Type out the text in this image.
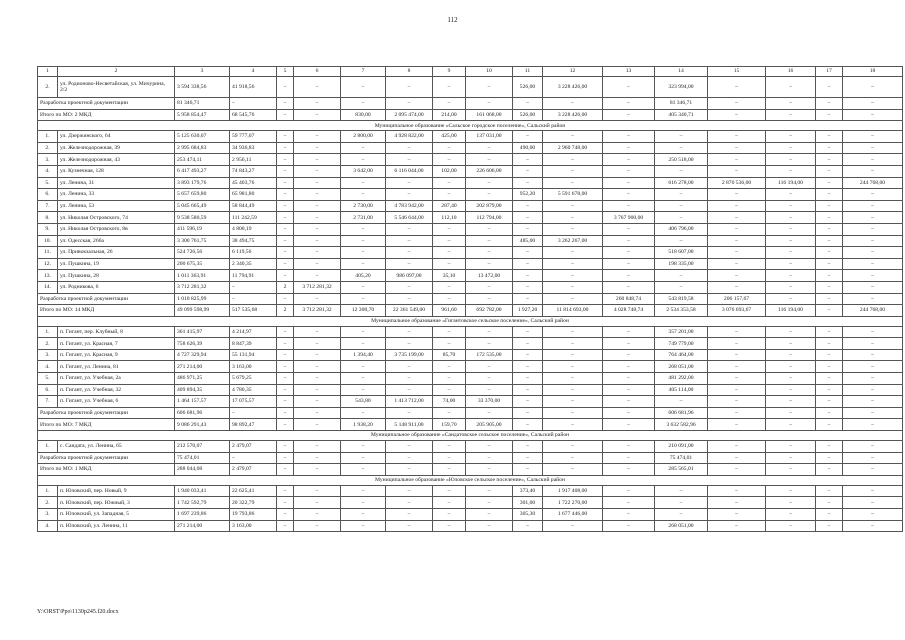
112
1	2	3	4	5	6	7	8	9	10	11	12	13	14	15	16	17	18
2.	ул. Родионово-Несветайская, ул. Мичурина, 2/2	3 594 338,56	41 918,56	–	–	–	–	–	–	526,00	3 228 426,00	–	323 994,00	–	–	–	–
Разработка проектной документации		81 346,71	–	–	–	–	–	–	–	–	–	–	81 346,71	–	–	–	–
Итого по МО: 2 МКД		5 958 854,47	68 545,76	–	–	830,00	2 095 474,00	214,00	161 068,00	526,00	3 228 426,00	–	405 340,71	–	–	–	–
Муниципальное образование «Сальское городское поселение», Сальский район																	
1.	ул. Дзержинского, 64	5 125 630,07	59 777,07	–	–	2 800,00	4 928 822,00	425,00	137 031,00	–	–	–	–	–	–	–	–
2.	ул. Железнодорожная, 39	2 995 684,83	34 936,83	–	–	–	–	–	–	490,00	2 960 748,00	–	–	–	–	–	–
3.	ул. Железнодорожная, 43	253 474,11	2 956,11	–	–	–	–	–	–	–	–	–	250 518,00	–	–	–	–
4.	ул. Кузнечная, 128	6 417 493,27	74 843,27	–	–	3 642,00	6 116 044,00	102,00	226 606,00	–	–	–	–	–	–	–	–
5.	ул. Ленина, 31	3 893 179,76	45 403,76	–	–	–	–	–	–	–	–	–	616 278,00	2 870 536,00	116 194,00	–	244 768,00
6.	ул. Ленина, 33	5 657 659,80	65 981,80	–	–	–	–	–	–	952,20	5 591 678,00	–	–	–	–	–	–
7.	ул. Ленина, 53	5 045 665,49	58 844,49	–	–	2 730,00	4 783 942,00	287,40	202 879,00	–	–	–	–	–	–	–	–
8.	ул. Николая Островского, 74	9 538 580,59	111 242,59	–	–	2 731,00	5 546 644,00	112,10	112 794,00	–	–	3 767 900,00	–	–	–	–	–
9.	ул. Николая Островского, 8в	411 596,19	4 800,19	–	–	–	–	–	–	–	–	–	406 796,00	–	–	–	–
10.	ул. Одесская, 266а	3 300 761,75	38 494,75	–	–	–	–	–	–	485,00	3 262 267,00	–	–	–	–	–	–
11.	ул. Привокзальная, 26	524 726,56	6 119,56	–	–	–	–	–	–	–	–	–	518 607,00	–	–	–	–
12.	ул. Пушкина, 19	200 675,35	2 340,35	–	–	–	–	–	–	–	–	–	198 335,00	–	–	–	–
13.	ул. Пушкина, 28	1 011 363,91	11 794,91	–	–	405,20	986 097,00	35,10	13 472,00	–	–	–	–	–	–	–	–
14.	ул. Родникова, 6	3 712 281,32	–	2	3 712 281,32	–	–	–	–	–	–	–	–	–	–	–	–
Разработка проектной документации		1 010 825,99	–	–	–	–	–	–	–	–	–	260 848,74	543 819,58	206 157,67	–	–	–
Итого по МО: 14 МКД		49 099 598,99	517 535,68	2	3 712 281,32	12 308,70	22 361 549,00	961,60	692 782,00	1 927,20	11 814 693,00	4 028 748,74	2 534 353,58	3 076 693,67	116 194,00	–	244 768,00
Муниципальное образование «Гигантовское сельское поселение», Сальский район																	
1.	п. Гигант, пер. Клубный, 8	361 415,97	4 214,97	–	–	–	–	–	–	–	–	–	357 201,00	–	–	–	–
2.	п. Гигант, ул. Красная, 7	758 626,39	8 847,39	–	–	–	–	–	–	–	–	–	749 779,00	–	–	–	–
3.	п. Гигант, ул. Красная, 9	4 727 329,94	55 131,94	–	–	1 394,40	3 735 199,00	85,70	172 535,00	–	–	–	764 464,00	–	–	–	–
4.	п. Гигант, ул. Ленина, 81	271 214,00	3 163,00	–	–	–	–	–	–	–	–	–	268 051,00	–	–	–	–
5.	п. Гигант, ул. Учебная, 2а	486 971,25	5 679,25	–	–	–	–	–	–	–	–	–	481 292,00	–	–	–	–
6.	п. Гигант, ул. Учебная, 32	409 894,35	4 780,35	–	–	–	–	–	–	–	–	–	405 114,00	–	–	–	–
7.	п. Гигант, ул. Учебная, 6	1 464 157,57	17 075,57	–	–	543,80	1 413 712,00	74,00	33 370,00	–	–	–	–	–	–	–	–
Разработка проектной документации		606 681,96	–	–	–	–	–	–	–	–	–	–	606 681,96	–	–	–	–
Итого по МО: 7 МКД		9 086 291,43	98 892,47	–	–	1 938,20	5 148 911,00	159,70	205 905,00	–	–	–	3 632 582,96	–	–	–	–
Муниципальное образование «Сандатовское сельское поселение», Сальский район																	
1.	с. Сандата, ул. Ленина, 65	212 570,07	2 479,07	–	–	–	–	–	–	–	–	–	210 091,00	–	–	–	–
Разработка проектной документации		75 474,01	–	–	–	–	–	–	–	–	–	–	75 474,01	–	–	–	–
Итого по МО: 1 МКД		288 044,08	2 479,07	–	–	–	–	–	–	–	–	–	285 565,01	–	–	–	–
Муниципальное образование «Юловское сельское поселение», Сальский район																	
1.	п. Юловский, пер. Новый, 9	1 940 033,41	22 625,41	–	–	–	–	–	–	373,40	1 917 408,00	–	–	–	–	–	–
2.	п. Юловский, пер. Южный, 3	1 742 592,79	20 322,79	–	–	–	–	–	–	301,00	1 722 270,00	–	–	–	–	–	–
3.	п. Юловский, ул. Западная, 5	1 697 239,86	19 793,86	–	–	–	–	–	–	305,30	1 677 446,00	–	–	–	–	–	–
4.	п. Юловский, ул. Ленина, 11	271 214,00	3 163,00	–	–	–	–	–	–	–	–	–	268 051,00	–	–	–	–
Y:\ORST\Ppo\1130p245.f20.docx
